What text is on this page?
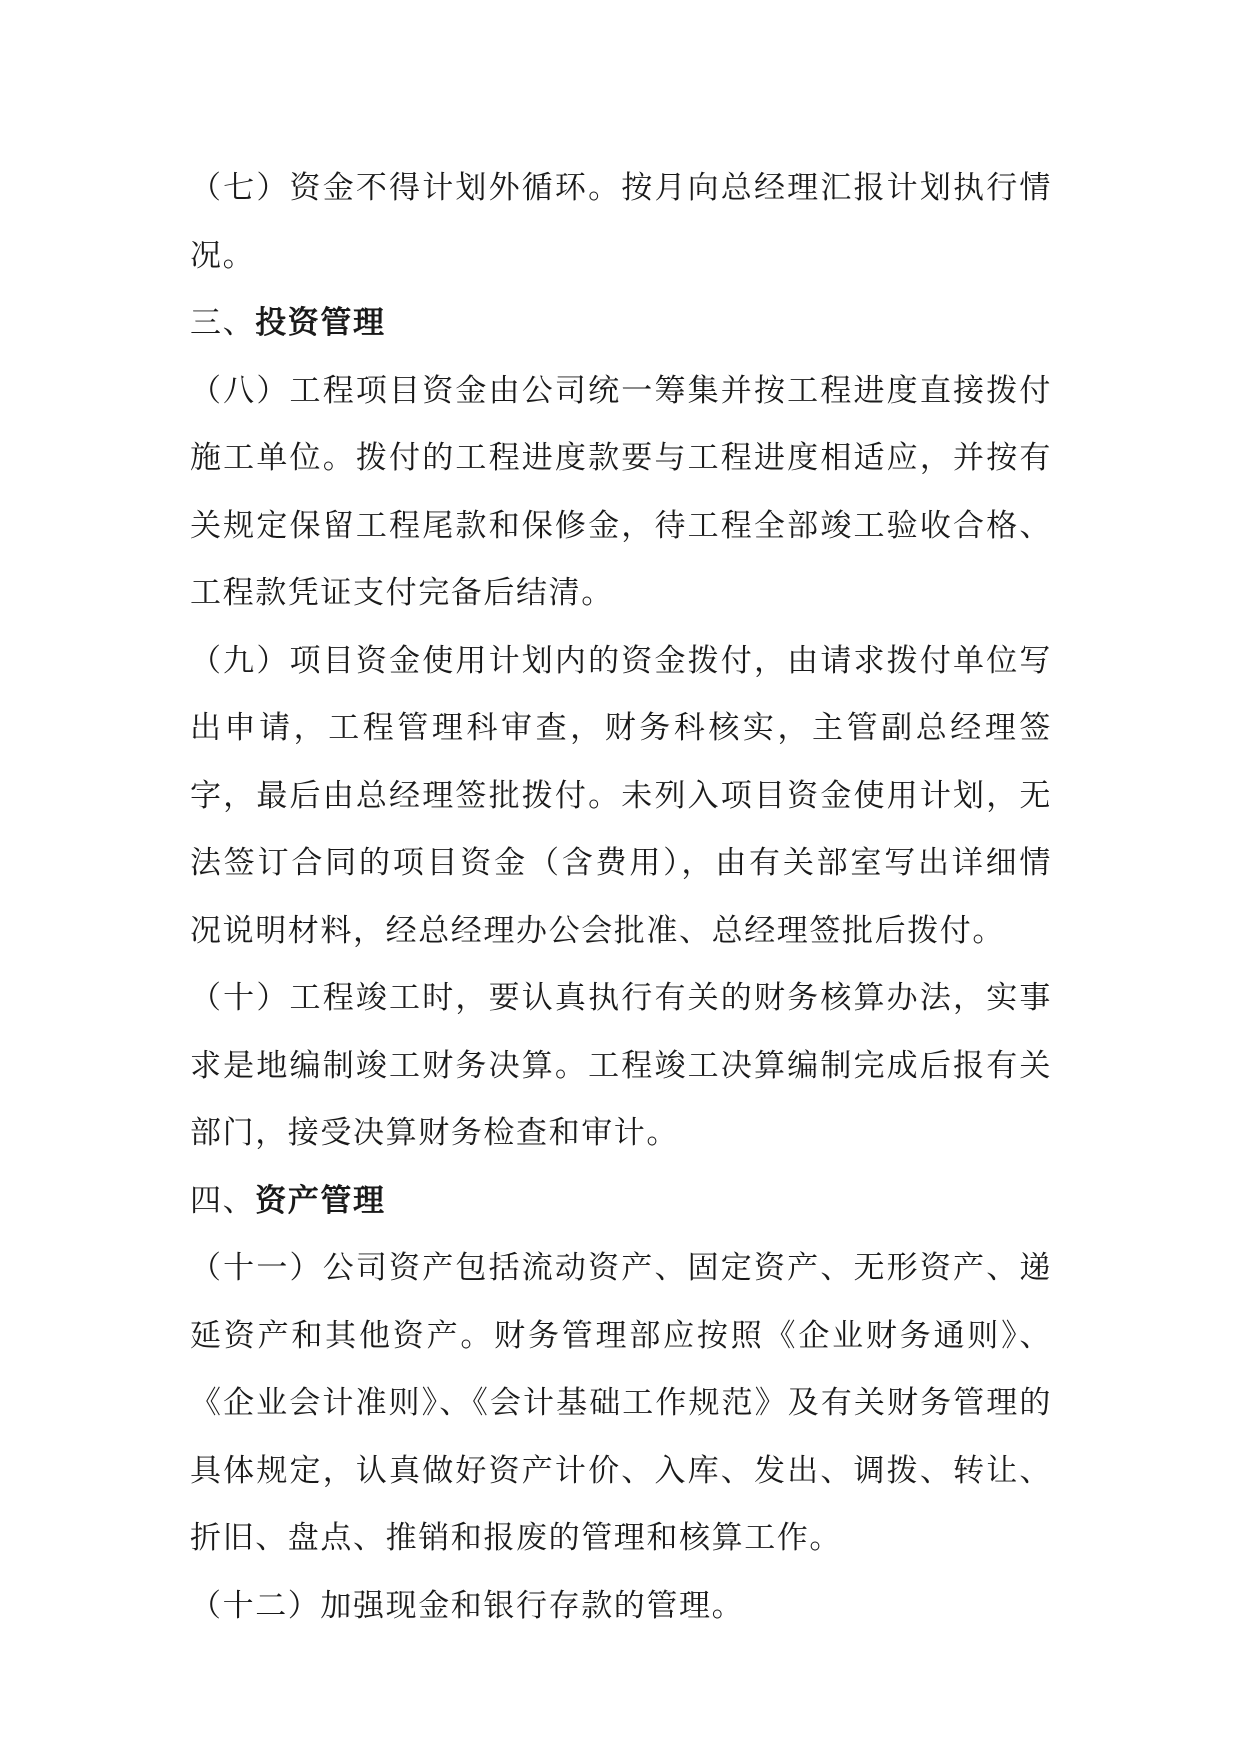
（七）资金不得计划外循环。按月向总经理汇报计划执行情况。

三、投资管理

（八）工程项目资金由公司统一筹集并按工程进度直接拨付施工单位。拨付的工程进度款要与工程进度相适应，并按有关规定保留工程尾款和保修金，待工程全部竣工验收合格、工程款凭证支付完备后结清。

（九）项目资金使用计划内的资金拨付，由请求拨付单位写出申请，工程管理科审查，财务科核实，主管副总经理签字，最后由总经理签批拨付。未列入项目资金使用计划，无法签订合同的项目资金（含费用），由有关部室写出详细情况说明材料，经总经理办公会批准、总经理签批后拨付。

（十）工程竣工时，要认真执行有关的财务核算办法，实事求是地编制竣工财务决算。工程竣工决算编制完成后报有关部门，接受决算财务检查和审计。

四、资产管理

（十一）公司资产包括流动资产、固定资产、无形资产、递延资产和其他资产。财务管理部应按照《企业财务通则》、《企业会计准则》、《会计基础工作规范》及有关财务管理的具体规定，认真做好资产计价、入库、发出、调拨、转让、折旧、盘点、推销和报废的管理和核算工作。

（十二）加强现金和银行存款的管理。
